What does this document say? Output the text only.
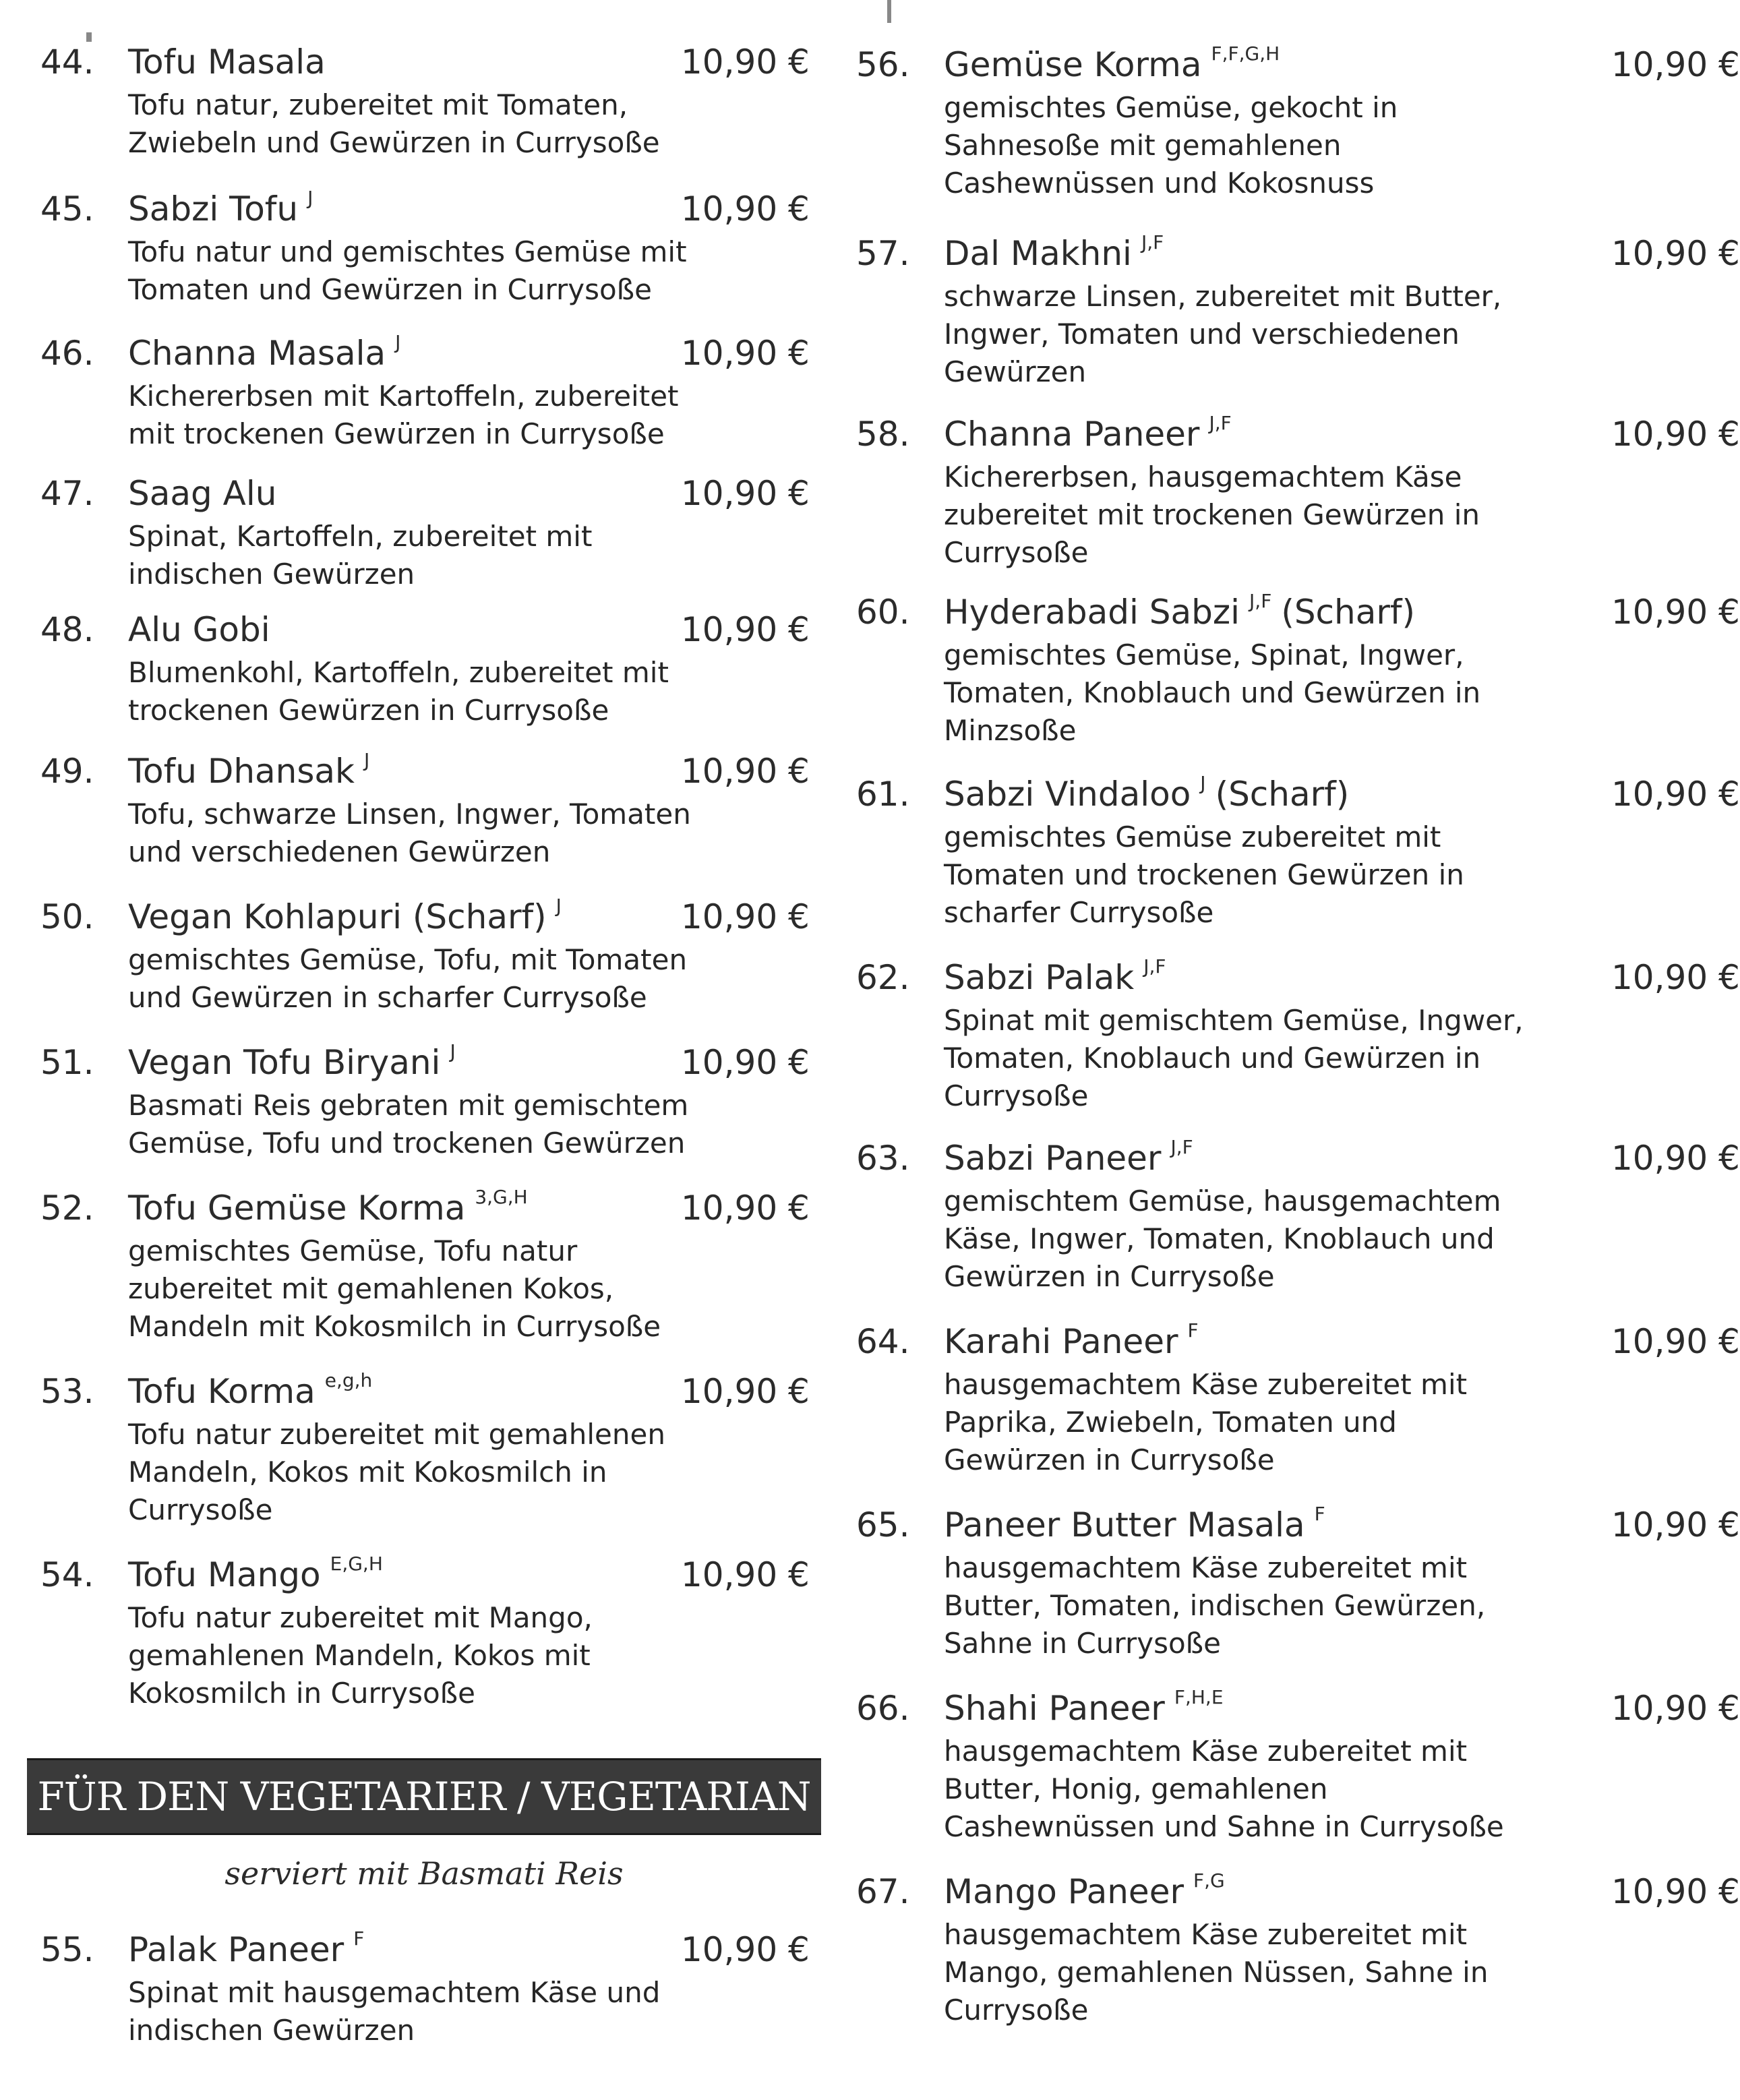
44. Tofu Masala	10,90 €
Tofu natur, zubereitet mit Tomaten,
Zwiebeln und Gewürzen in Currysoße
45. Sabzi Tofu $^J$	10,90 €
Tofu natur und gemischtes Gemüse mit
Tomaten und Gewürzen in Currysoße
46. Channa Masala $^J$	10,90 €
Kichererbsen mit Kartoffeln, zubereitet
mit trockenen Gewürzen in Currysoße
47. Saag Alu	10,90 €
Spinat, Kartoffeln, zubereitet mit
indischen Gewürzen
48. Alu Gobi	10,90 €
Blumenkohl, Kartoffeln, zubereitet mit
trockenen Gewürzen in Currysoße
49. Tofu Dhansak $^J$	10,90 €
Tofu, schwarze Linsen, Ingwer, Tomaten
und verschiedenen Gewürzen
50. Vegan Kohlapuri (Scharf) $^J$	10,90 €
gemischtes Gemüse, Tofu, mit Tomaten
und Gewürzen in scharfer Currysoße
51. Vegan Tofu Biryani $^J$	10,90 €
Basmati Reis gebraten mit gemischtem
Gemüse, Tofu und trockenen Gewürzen
52. Tofu Gemüse Korma $^{3,G,H}$	10,90 €
gemischtes Gemüse, Tofu natur
zubereitet mit gemahlenen Kokos,
Mandeln mit Kokosmilch in Currysoße
53. Tofu Korma $^{e,g,h}$	10,90 €
Tofu natur zubereitet mit gemahlenen
Mandeln, Kokos mit Kokosmilch in
Currysoße
54. Tofu Mango $^{E,G,H}$	10,90 €
Tofu natur zubereitet mit Mango,
gemahlenen Mandeln, Kokos mit
Kokosmilch in Currysoße
55. Palak Paneer $^F$	10,90 €
Spinat mit hausgemachtem Käse und
indischen Gewürzen
56. Gemüse Korma $^{F,F,G,H}$	10,90 €
gemischtes Gemüse, gekocht in
Sahnesoße mit gemahlenen
Cashewnüssen und Kokosnuss
57. Dal Makhni $^{J,F}$	10,90 €
schwarze Linsen, zubereitet mit Butter,
Ingwer, Tomaten und verschiedenen
Gewürzen
58. Channa Paneer $^{J,F}$	10,90 €
Kichererbsen, hausgemachtem Käse
zubereitet mit trockenen Gewürzen in
Currysoße
60. Hyderabadi Sabzi $^{J,F}$ (Scharf)	10,90 €
gemischtes Gemüse, Spinat, Ingwer,
Tomaten, Knoblauch und Gewürzen in
Minzsoße
61. Sabzi Vindaloo $^J$ (Scharf)	10,90 €
gemischtes Gemüse zubereitet mit
Tomaten und trockenen Gewürzen in
scharfer Currysoße
62. Sabzi Palak $^{J,F}$	10,90 €
Spinat mit gemischtem Gemüse, Ingwer,
Tomaten, Knoblauch und Gewürzen in
Currysoße
63. Sabzi Paneer $^{J,F}$	10,90 €
gemischtem Gemüse, hausgemachtem
Käse, Ingwer, Tomaten, Knoblauch und
Gewürzen in Currysoße
64. Karahi Paneer $^F$	10,90 €
hausgemachtem Käse zubereitet mit
Paprika, Zwiebeln, Tomaten und
Gewürzen in Currysoße
65. Paneer Butter Masala $^F$	10,90 €
hausgemachtem Käse zubereitet mit
Butter, Tomaten, indischen Gewürzen,
Sahne in Currysoße
66. Shahi Paneer $^{F,H,E}$	10,90 €
hausgemachtem Käse zubereitet mit
Butter, Honig, gemahlenen
Cashewnüssen und Sahne in Currysoße
67. Mango Paneer $^{F,G}$	10,90 €
hausgemachtem Käse zubereitet mit
Mango, gemahlenen Nüssen, Sahne in
Currysoße
FÜR DEN VEGETARIER / VEGETARIAN
serviert mit Basmati Reis
